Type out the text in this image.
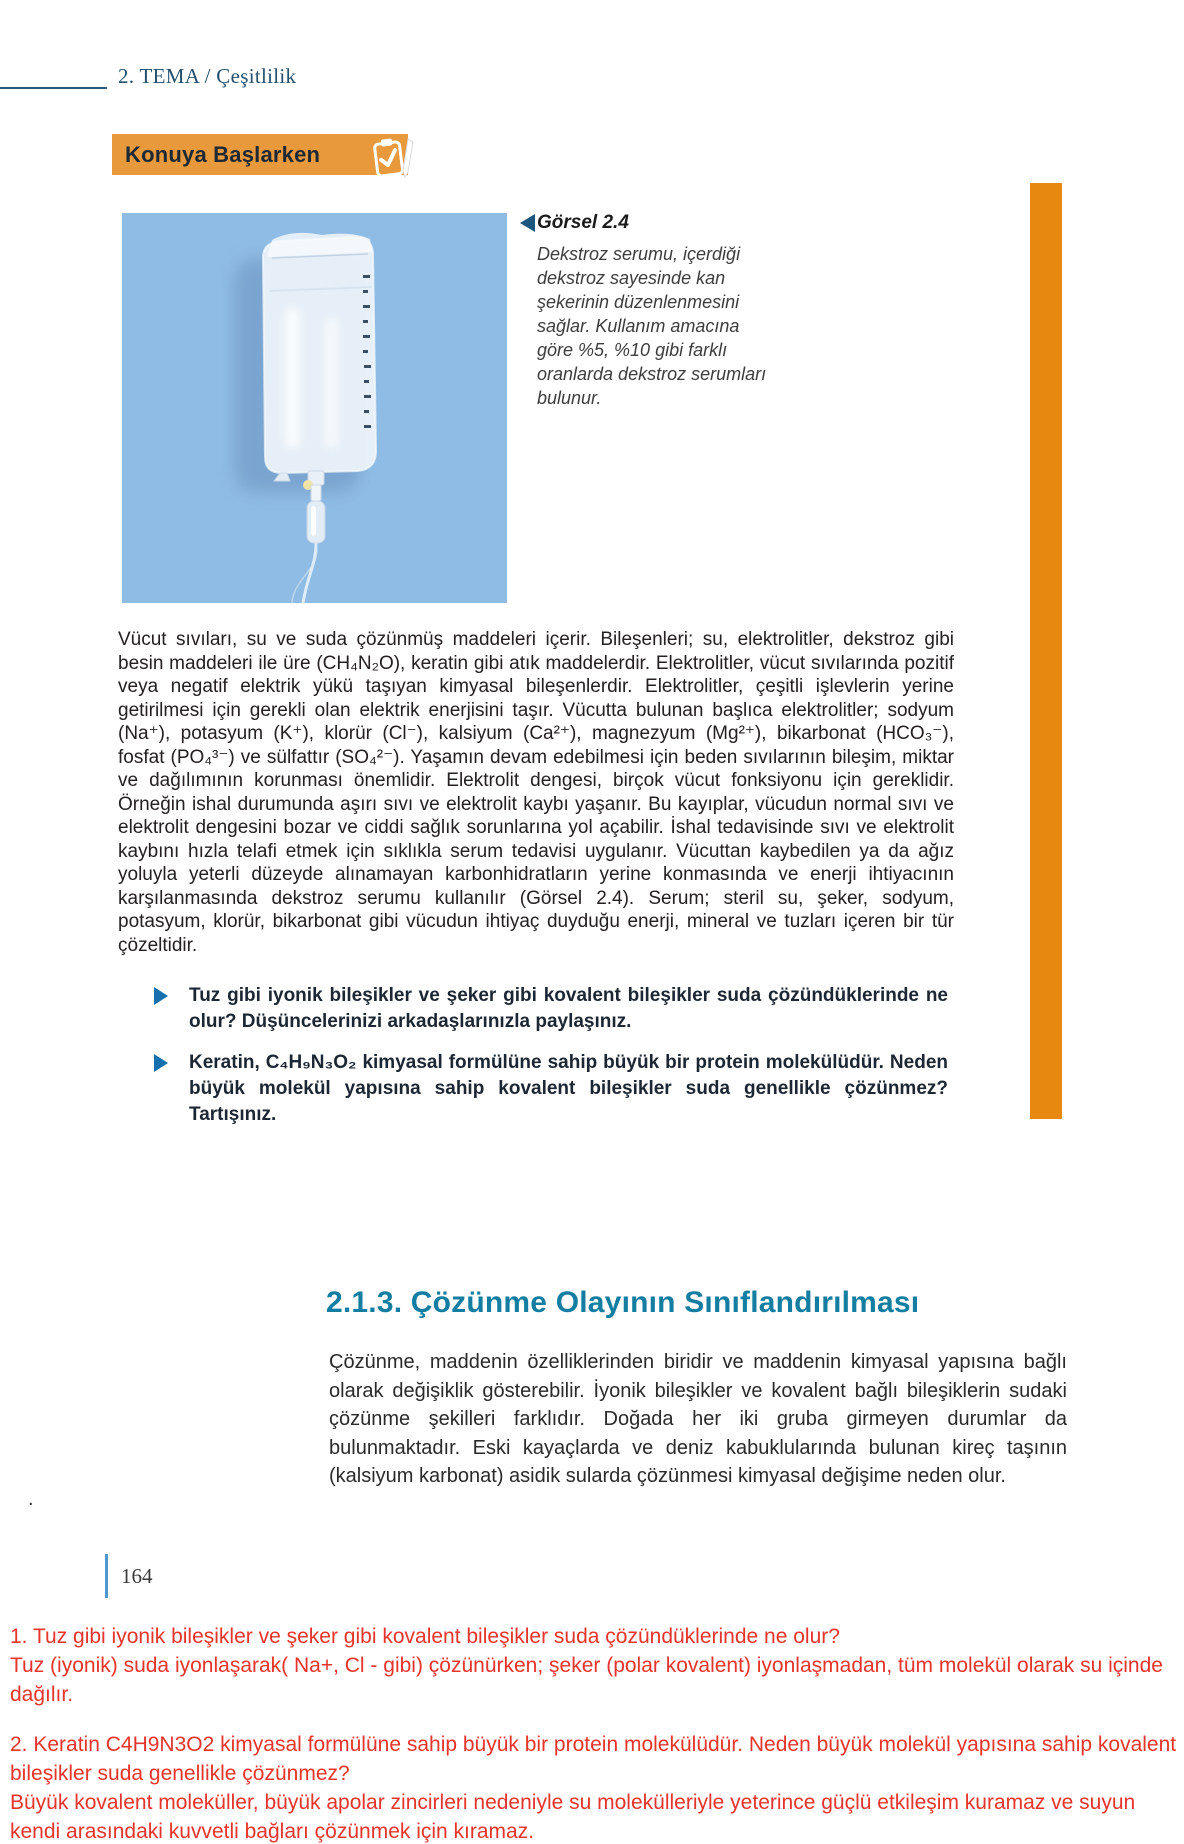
2. TEMA / Çeşitlilik
Konuya Başlarken
Görsel 2.4
Dekstroz serumu, içerdiği dekstroz sayesinde kan şekerinin düzenlenmesini sağlar. Kullanım amacına göre %5, %10 gibi farklı oranlarda dekstroz serumları bulunur.
Vücut sıvıları, su ve suda çözünmüş maddeleri içerir. Bileşenleri; su, elektrolitler, dekstroz gibi besin maddeleri ile üre (CH₄N₂O), keratin gibi atık maddelerdir. Elektrolitler, vücut sıvılarında pozitif veya negatif elektrik yükü taşıyan kimyasal bileşenlerdir. Elektrolitler, çeşitli işlevlerin yerine getirilmesi için gerekli olan elektrik enerjisini taşır. Vücutta bulunan başlıca elektrolitler; sodyum (Na⁺), potasyum (K⁺), klorür (Cl⁻), kalsiyum (Ca²⁺), magnezyum (Mg²⁺), bikarbonat (HCO₃⁻), fosfat (PO₄³⁻) ve sülfattır (SO₄²⁻). Yaşamın devam edebilmesi için beden sıvılarının bileşim, miktar ve dağılımının korunması önemlidir. Elektrolit dengesi, birçok vücut fonksiyonu için gereklidir. Örneğin ishal durumunda aşırı sıvı ve elektrolit kaybı yaşanır. Bu kayıplar, vücudun normal sıvı ve elektrolit dengesini bozar ve ciddi sağlık sorunlarına yol açabilir. İshal tedavisinde sıvı ve elektrolit kaybını hızla telafi etmek için sıklıkla serum tedavisi uygulanır. Vücuttan kaybedilen ya da ağız yoluyla yeterli düzeyde alınamayan karbonhidratların yerine konmasında ve enerji ihtiyacının karşılanmasında dekstroz serumu kullanılır (Görsel 2.4). Serum; steril su, şeker, sodyum, potasyum, klorür, bikarbonat gibi vücudun ihtiyaç duyduğu enerji, mineral ve tuzları içeren bir tür çözeltidir.
Tuz gibi iyonik bileşikler ve şeker gibi kovalent bileşikler suda çözündüklerinde ne olur? Düşüncelerinizi arkadaşlarınızla paylaşınız.
Keratin, C₄H₉N₃O₂ kimyasal formülüne sahip büyük bir protein molekülüdür. Neden büyük molekül yapısına sahip kovalent bileşikler suda genellikle çözünmez? Tartışınız.
2.1.3. Çözünme Olayının Sınıflandırılması
Çözünme, maddenin özelliklerinden biridir ve maddenin kimyasal yapısına bağlı olarak değişiklik gösterebilir. İyonik bileşikler ve kovalent bağlı bileşiklerin sudaki çözünme şekilleri farklıdır. Doğada her iki gruba girmeyen durumlar da bulunmaktadır. Eski kayaçlarda ve deniz kabuklularında bulunan kireç taşının (kalsiyum karbonat) asidik sularda çözünmesi kimyasal değişime neden olur.
.
164

1. Tuz gibi iyonik bileşikler ve şeker gibi kovalent bileşikler suda çözündüklerinde ne olur?

Tuz (iyonik) suda iyonlaşarak( Na+, Cl - gibi) çözünürken; şeker (polar kovalent) iyonlaşmadan, tüm molekül olarak su içinde dağılır.

2. Keratin C4H9N3O2 kimyasal formülüne sahip büyük bir protein molekülüdür. Neden büyük molekül yapısına sahip kovalent bileşikler suda genellikle çözünmez?

Büyük kovalent moleküller, büyük apolar zincirleri nedeniyle su molekülleriyle yeterince güçlü etkileşim kuramaz ve suyun kendi arasındaki kuvvetli bağları çözünmek için kıramaz.
